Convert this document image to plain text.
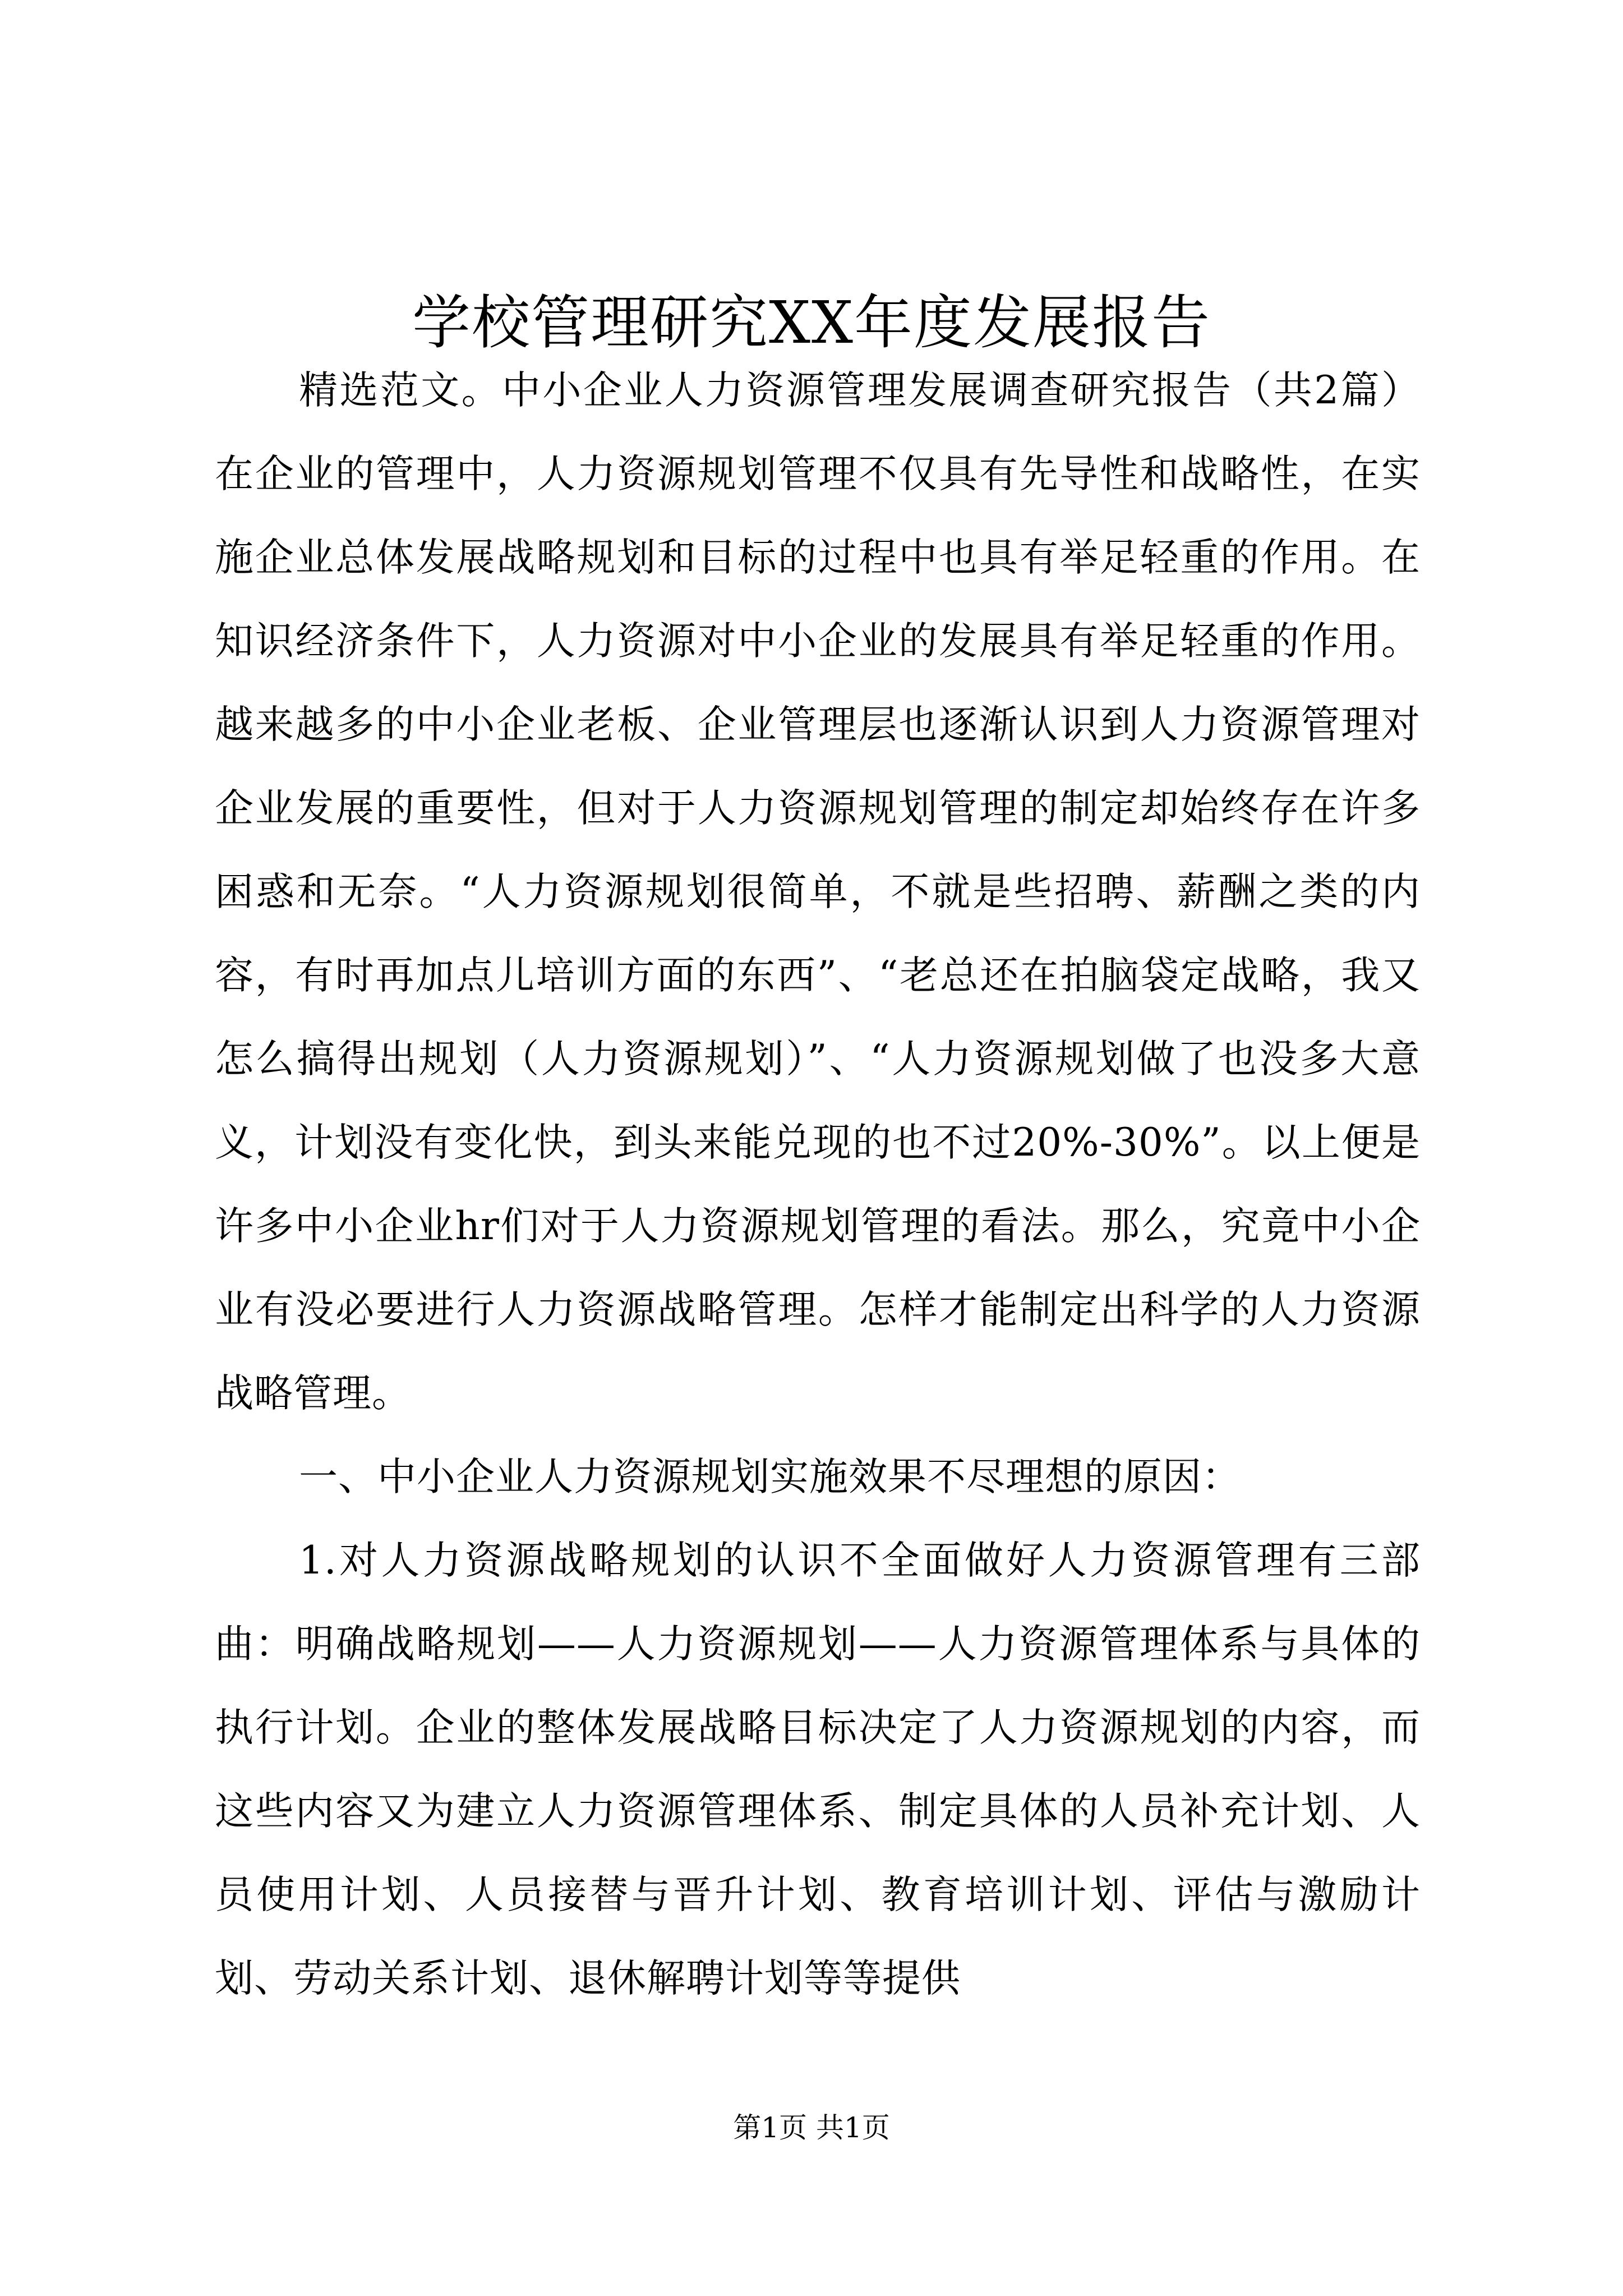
学校管理研究XX年度发展报告

精选范文。中小企业人力资源管理发展调查研究报告（共2篇）在企业的管理中，人力资源规划管理不仅具有先导性和战略性，在实施企业总体发展战略规划和目标的过程中也具有举足轻重的作用。在知识经济条件下，人力资源对中小企业的发展具有举足轻重的作用。越来越多的中小企业老板、企业管理层也逐渐认识到人力资源管理对企业发展的重要性，但对于人力资源规划管理的制定却始终存在许多困惑和无奈。“人力资源规划很简单，不就是些招聘、薪酬之类的内容，有时再加点儿培训方面的东西”、“老总还在拍脑袋定战略，我又怎么搞得出规划（人力资源规划）”、“人力资源规划做了也没多大意义，计划没有变化快，到头来能兑现的也不过20%-30%”。以上便是许多中小企业hr们对于人力资源规划管理的看法。那么，究竟中小企业有没必要进行人力资源战略管理。怎样才能制定出科学的人力资源战略管理。

一、中小企业人力资源规划实施效果不尽理想的原因：

1.对人力资源战略规划的认识不全面做好人力资源管理有三部曲：明确战略规划——人力资源规划——人力资源管理体系与具体的执行计划。企业的整体发展战略目标决定了人力资源规划的内容，而这些内容又为建立人力资源管理体系、制定具体的人员补充计划、人员使用计划、人员接替与晋升计划、教育培训计划、评估与激励计划、劳动关系计划、退休解聘计划等等提供

第1页 共1页
